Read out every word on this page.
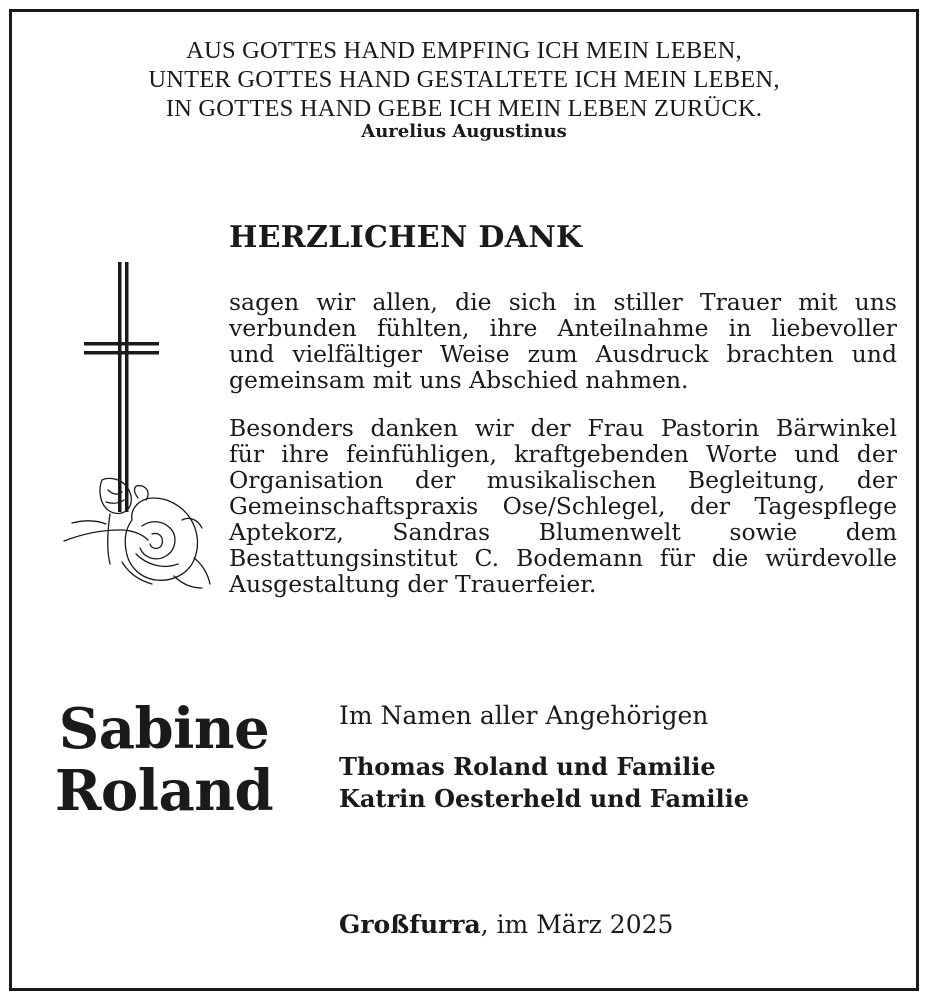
AUS GOTTES HAND EMPFING ICH MEIN LEBEN,
UNTER GOTTES HAND GESTALTETE ICH MEIN LEBEN,
IN GOTTES HAND GEBE ICH MEIN LEBEN ZURÜCK.
Aurelius Augustinus
HERZLICHEN DANK

sagen wir allen, die sich in stiller Trauer mit uns
verbunden fühlten, ihre Anteilnahme in liebevoller
und vielfältiger Weise zum Ausdruck brachten und
gemeinsam mit uns Abschied nahmen.

Besonders danken wir der Frau Pastorin Bärwinkel
für ihre feinfühligen, kraftgebenden Worte und der
Organisation der musikalischen Begleitung, der
Gemeinschaftspraxis Ose/Schlegel, der Tagespflege
Aptekorz, Sandras Blumenwelt sowie dem
Bestattungsinstitut C. Bodemann für die würdevolle
Ausgestaltung der Trauerfeier.

Sabine
Roland
Im Namen aller Angehörigen
Thomas Roland und Familie
Katrin Oesterheld und Familie
Großfurra, im März 2025
